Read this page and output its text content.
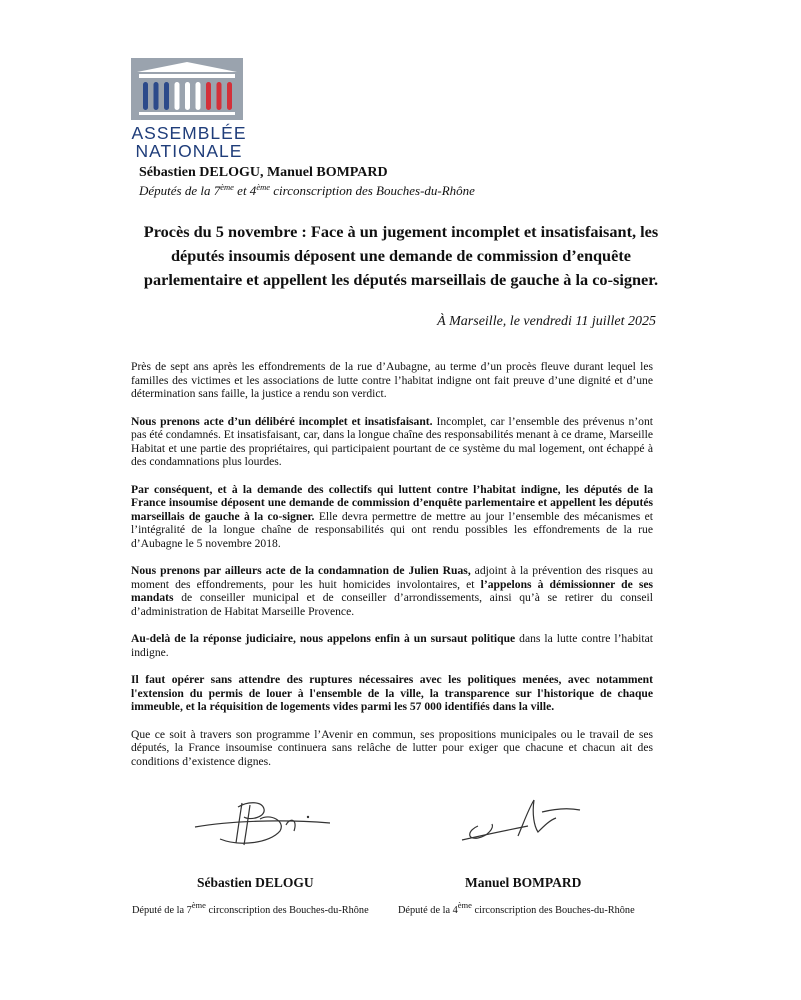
ASSEMBLÉE
NATIONALE
Sébastien DELOGU, Manuel BOMPARD
Députés de la 7ème et 4ème circonscription des Bouches-du-Rhône
Procès du 5 novembre : Face à un jugement incomplet et insatisfaisant, les députés insoumis déposent une demande de commission d’enquête parlementaire et appellent les députés marseillais de gauche à la co-signer.
À Marseille, le vendredi 11 juillet 2025

Près de sept ans après les effondrements de la rue d’Aubagne, au terme d’un procès fleuve durant lequel les familles des victimes et les associations de lutte contre l’habitat indigne ont fait preuve d’une dignité et d’une détermination sans faille, la justice a rendu son verdict.

Nous prenons acte d’un délibéré incomplet et insatisfaisant. Incomplet, car l’ensemble des prévenus n’ont pas été condamnés. Et insatisfaisant, car, dans la longue chaîne des responsabilités menant à ce drame, Marseille Habitat et une partie des propriétaires, qui participaient pourtant de ce système du mal logement, ont échappé à des condamnations plus lourdes.

Par conséquent, et à la demande des collectifs qui luttent contre l’habitat indigne, les députés de la France insoumise déposent une demande de commission d’enquête parlementaire et appellent les députés marseillais de gauche à la co-signer. Elle devra permettre de mettre au jour l’ensemble des mécanismes et l’intégralité de la longue chaîne de responsabilités qui ont rendu possibles les effondrements de la rue d’Aubagne le 5 novembre 2018.

Nous prenons par ailleurs acte de la condamnation de Julien Ruas, adjoint à la prévention des risques au moment des effondrements, pour les huit homicides involontaires, et l’appelons à démissionner de ses mandats de conseiller municipal et de conseiller d’arrondissements, ainsi qu’à se retirer du conseil d’administration de Habitat Marseille Provence.

Au-delà de la réponse judiciaire, nous appelons enfin à un sursaut politique dans la lutte contre l’habitat indigne.

Il faut opérer sans attendre des ruptures nécessaires avec les politiques menées, avec notamment l'extension du permis de louer à l'ensemble de la ville, la transparence sur l'historique de chaque immeuble, et la réquisition de logements vides parmi les 57 000 identifiés dans la ville.

Que ce soit à travers son programme l’Avenir en commun, ses propositions municipales ou le travail de ses députés, la France insoumise continuera sans relâche de lutter pour exiger que chacune et chacun ait des conditions d’existence dignes.

Sébastien DELOGU
Député de la 7ème circonscription des Bouches-du-Rhône
Manuel BOMPARD
Député de la 4ème circonscription des Bouches-du-Rhône
